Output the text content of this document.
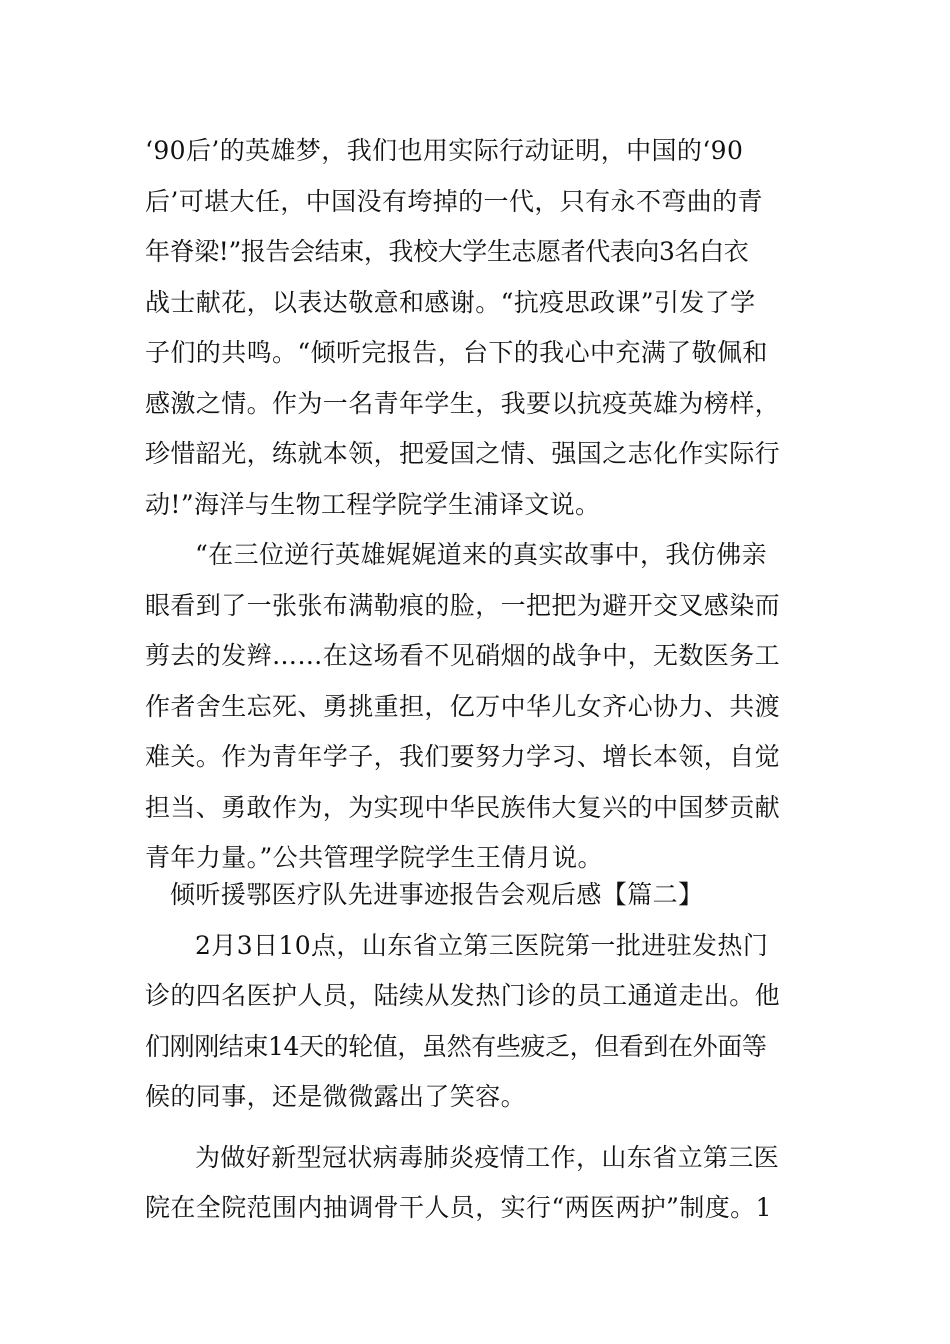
‘90后’的英雄梦，我们也用实际行动证明，中国的‘90
后’可堪大任，中国没有垮掉的一代，只有永不弯曲的青
年脊梁!”报告会结束，我校大学生志愿者代表向3名白衣
战士献花，以表达敬意和感谢。“抗疫思政课”引发了学
子们的共鸣。“倾听完报告，台下的我心中充满了敬佩和
感激之情。作为一名青年学生，我要以抗疫英雄为榜样，
珍惜韶光，练就本领，把爱国之情、强国之志化作实际行
动!”海洋与生物工程学院学生浦译文说。
“在三位逆行英雄娓娓道来的真实故事中，我仿佛亲
眼看到了一张张布满勒痕的脸，一把把为避开交叉感染而
剪去的发辫……在这场看不见硝烟的战争中，无数医务工
作者舍生忘死、勇挑重担，亿万中华儿女齐心协力、共渡
难关。作为青年学子，我们要努力学习、增长本领，自觉
担当、勇敢作为，为实现中华民族伟大复兴的中国梦贡献
青年力量。”公共管理学院学生王倩月说。
倾听援鄂医疗队先进事迹报告会观后感【篇二】
2月3日10点，山东省立第三医院第一批进驻发热门
诊的四名医护人员，陆续从发热门诊的员工通道走出。他
们刚刚结束14天的轮值，虽然有些疲乏，但看到在外面等
候的同事，还是微微露出了笑容。
为做好新型冠状病毒肺炎疫情工作，山东省立第三医
院在全院范围内抽调骨干人员，实行“两医两护”制度。1
